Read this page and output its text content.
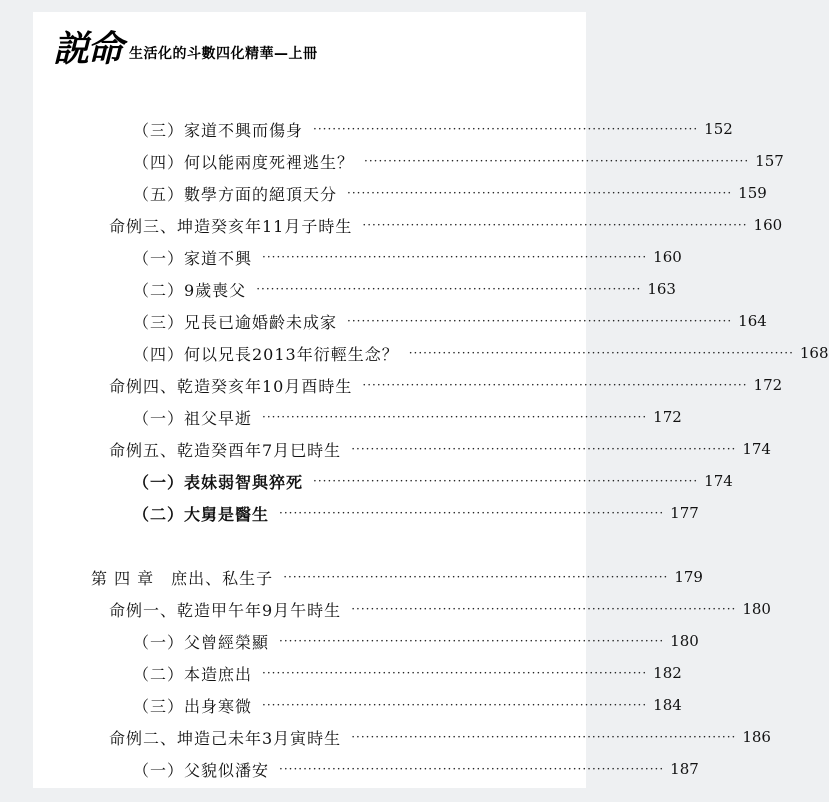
説命 生活化的斗數四化精華—上冊
（三）家道不興而傷身 ················································································ 152
（四）何以能兩度死裡逃生？ ················································································ 157
（五）數學方面的絕頂天分 ················································································ 159
命例三、坤造癸亥年11月子時生 ················································································ 160
（一）家道不興 ················································································ 160
（二）9歲喪父 ················································································ 163
（三）兄長已逾婚齡未成家 ················································································ 164
（四）何以兄長2013年衍輕生念？ ················································································ 168
命例四、乾造癸亥年10月酉時生 ················································································ 172
（一）祖父早逝 ················································································ 172
命例五、乾造癸酉年7月巳時生 ················································································ 174
（一）表妹弱智與猝死 ················································································ 174
（二）大舅是醫生 ················································································ 177
第 四 章　庶出、私生子 ················································································ 179
命例一、乾造甲午年9月午時生 ················································································ 180
（一）父曾經榮顯 ················································································ 180
（二）本造庶出 ················································································ 182
（三）出身寒微 ················································································ 184
命例二、坤造己未年3月寅時生 ················································································ 186
（一）父貌似潘安 ················································································ 187
